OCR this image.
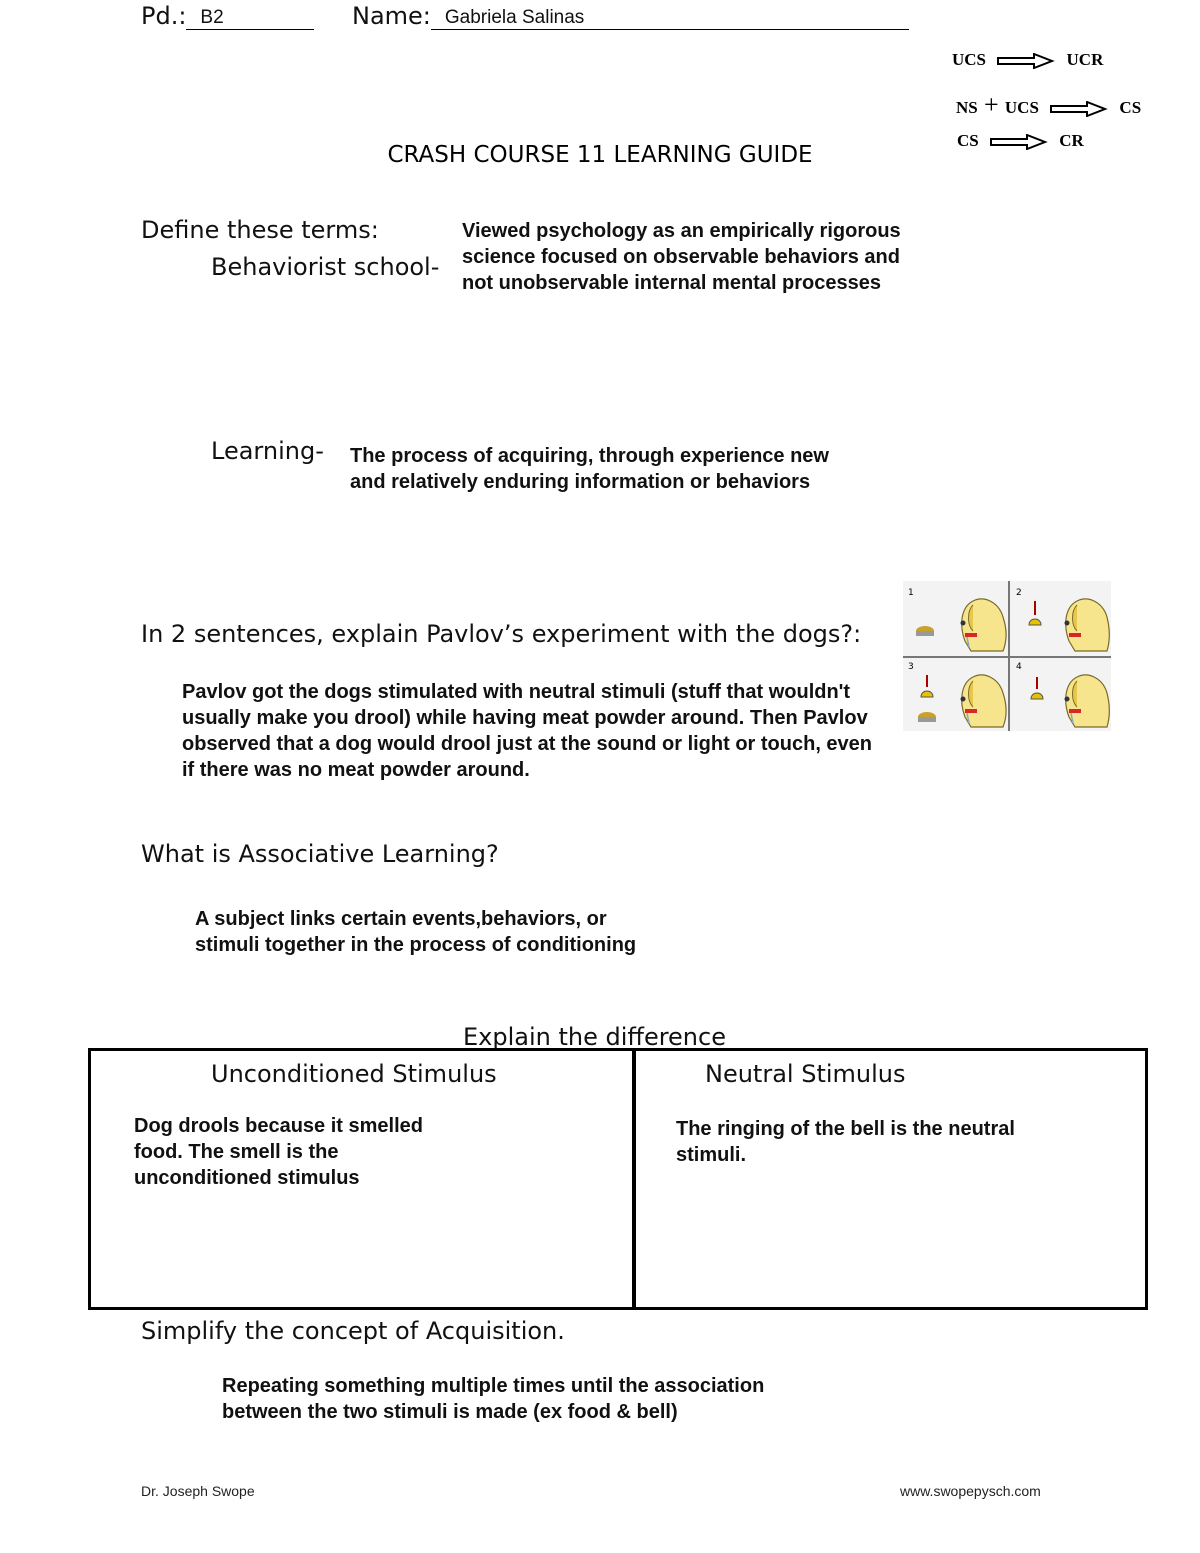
Pd.: B2	Name: Gabriela Salinas
UCS	UCR
NS + UCS	CS
CS	CR
CRASH COURSE 11 LEARNING GUIDE
Define these terms:
Behaviorist school-
Viewed psychology as an empirically rigorous science focused on observable behaviors and not unobservable internal mental processes
Learning- The process of acquiring, through experience new and relatively enduring information or behaviors
In 2 sentences, explain Pavlov’s experiment with the dogs?:
Pavlov got the dogs stimulated with neutral stimuli (stuff that wouldn't usually make you drool) while having meat powder around. Then Pavlov observed that a dog would drool just at the sound or light or touch, even if there was no meat powder around.
1	2
3	4
What is Associative Learning?
A subject links certain events,behaviors, or stimuli together in the process of conditioning
Explain the difference
Unconditioned Stimulus
Dog drools because it smelled food. The smell is the unconditioned stimulus
Neutral Stimulus
The ringing of the bell is the neutral stimuli.
Simplify the concept of Acquisition.
Repeating something multiple times until the association between the two stimuli is made (ex food & bell)
Dr. Joseph Swope	www.swopepysch.com
